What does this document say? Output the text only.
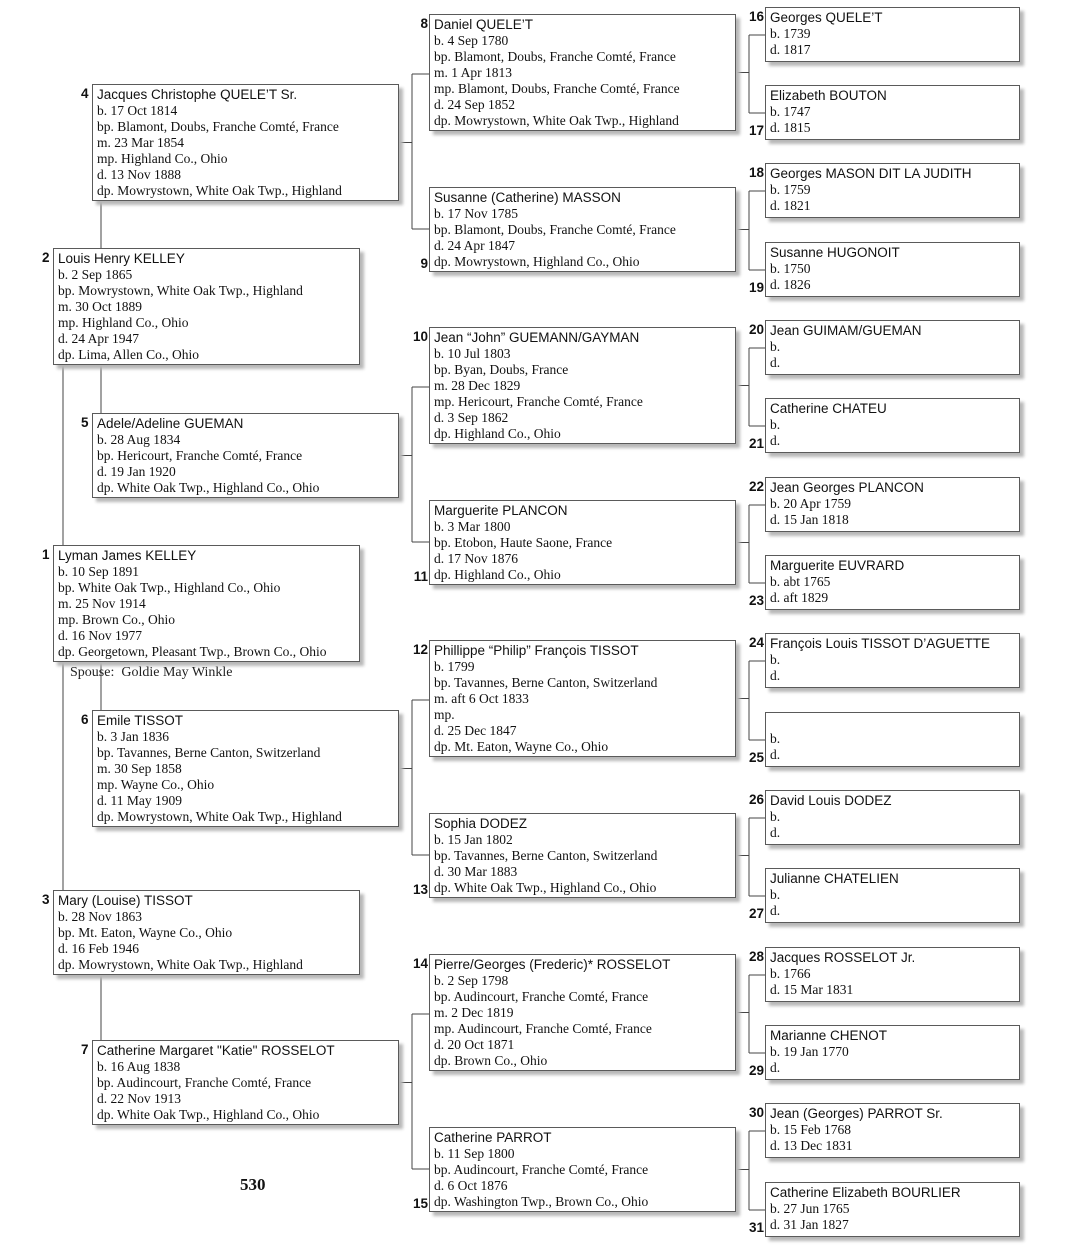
1 Lyman James KELLEY
b. 10 Sep 1891
bp. White Oak Twp., Highland Co., Ohio
m. 25 Nov 1914
mp. Brown Co., Ohio
d. 16 Nov 1977
dp. Georgetown, Pleasant Twp., Brown Co., Ohio
2 Louis Henry KELLEY
b. 2 Sep 1865
bp. Mowrystown, White Oak Twp., Highland
m. 30 Oct 1889
mp. Highland Co., Ohio
d. 24 Apr 1947
dp. Lima, Allen Co., Ohio
3 Mary (Louise) TISSOT
b. 28 Nov 1863
bp. Mt. Eaton, Wayne Co., Ohio
d. 16 Feb 1946
dp. Mowrystown, White Oak Twp., Highland
4 Jacques Christophe QUELE’T Sr.
b. 17 Oct 1814
bp. Blamont, Doubs, Franche Comté, France
m. 23 Mar 1854
mp. Highland Co., Ohio
d. 13 Nov 1888
dp. Mowrystown, White Oak Twp., Highland
5 Adele/Adeline GUEMAN
b. 28 Aug 1834
bp. Hericourt, Franche Comté, France
d. 19 Jan 1920
dp. White Oak Twp., Highland Co., Ohio
6 Emile TISSOT
b. 3 Jan 1836
bp. Tavannes, Berne Canton, Switzerland
m. 30 Sep 1858
mp. Wayne Co., Ohio
d. 11 May 1909
dp. Mowrystown, White Oak Twp., Highland
7 Catherine Margaret "Katie" ROSSELOT
b. 16 Aug 1838
bp. Audincourt, Franche Comté, France
d. 22 Nov 1913
dp. White Oak Twp., Highland Co., Ohio
8 Daniel QUELE’T
b. 4 Sep 1780
bp. Blamont, Doubs, Franche Comté, France
m. 1 Apr 1813
mp. Blamont, Doubs, Franche Comté, France
d. 24 Sep 1852
dp. Mowrystown, White Oak Twp., Highland
9
Susanne (Catherine) MASSON
b. 17 Nov 1785
bp. Blamont, Doubs, Franche Comté, France
d. 24 Apr 1847
dp. Mowrystown, Highland Co., Ohio
10 Jean “John” GUEMANN/GAYMAN
b. 10 Jul 1803
bp. Byan, Doubs, France
m. 28 Dec 1829
mp. Hericourt, Franche Comté, France
d. 3 Sep 1862
dp. Highland Co., Ohio
11
Marguerite PLANCON
b. 3 Mar 1800
bp. Etobon, Haute Saone, France
d. 17 Nov 1876
dp. Highland Co., Ohio
12 Phillippe “Philip” François TISSOT
b. 1799
bp. Tavannes, Berne Canton, Switzerland
m. aft 6 Oct 1833
mp.
d. 25 Dec 1847
dp. Mt. Eaton, Wayne Co., Ohio
13
Sophia DODEZ
b. 15 Jan 1802
bp. Tavannes, Berne Canton, Switzerland
d. 30 Mar 1883
dp. White Oak Twp., Highland Co., Ohio
14 Pierre/Georges (Frederic)* ROSSELOT
b. 2 Sep 1798
bp. Audincourt, Franche Comté, France
m. 2 Dec 1819
mp. Audincourt, Franche Comté, France
d. 20 Oct 1871
dp. Brown Co., Ohio
15
Catherine PARROT
b. 11 Sep 1800
bp. Audincourt, Franche Comté, France
d. 6 Oct 1876
dp. Washington Twp., Brown Co., Ohio
16 Georges QUELE’T
b. 1739
d. 1817
17
Elizabeth BOUTON
b. 1747
d. 1815
18 Georges MASON DIT LA JUDITH
b. 1759
d. 1821
19
Susanne HUGONOIT
b. 1750
d. 1826
20 Jean GUIMAM/GUEMAN
b.
d.
21
Catherine CHATEU
b.
d.
22 Jean Georges PLANCON
b. 20 Apr 1759
d. 15 Jan 1818
23
Marguerite EUVRARD
b. abt 1765
d. aft 1829
24 François Louis TISSOT D’AGUETTE
b.
d.
25

b.
d.
26 David Louis DODEZ
b.
d.
27
Julianne CHATELIEN
b.
d.
28 Jacques ROSSELOT Jr.
b. 1766
d. 15 Mar 1831
29
Marianne CHENOT
b. 19 Jan 1770
d.
30 Jean (Georges) PARROT Sr.
b. 15 Feb 1768
d. 13 Dec 1831
31
Catherine Elizabeth BOURLIER
b. 27 Jun 1765
d. 31 Jan 1827
Spouse: Goldie May Winkle
530
